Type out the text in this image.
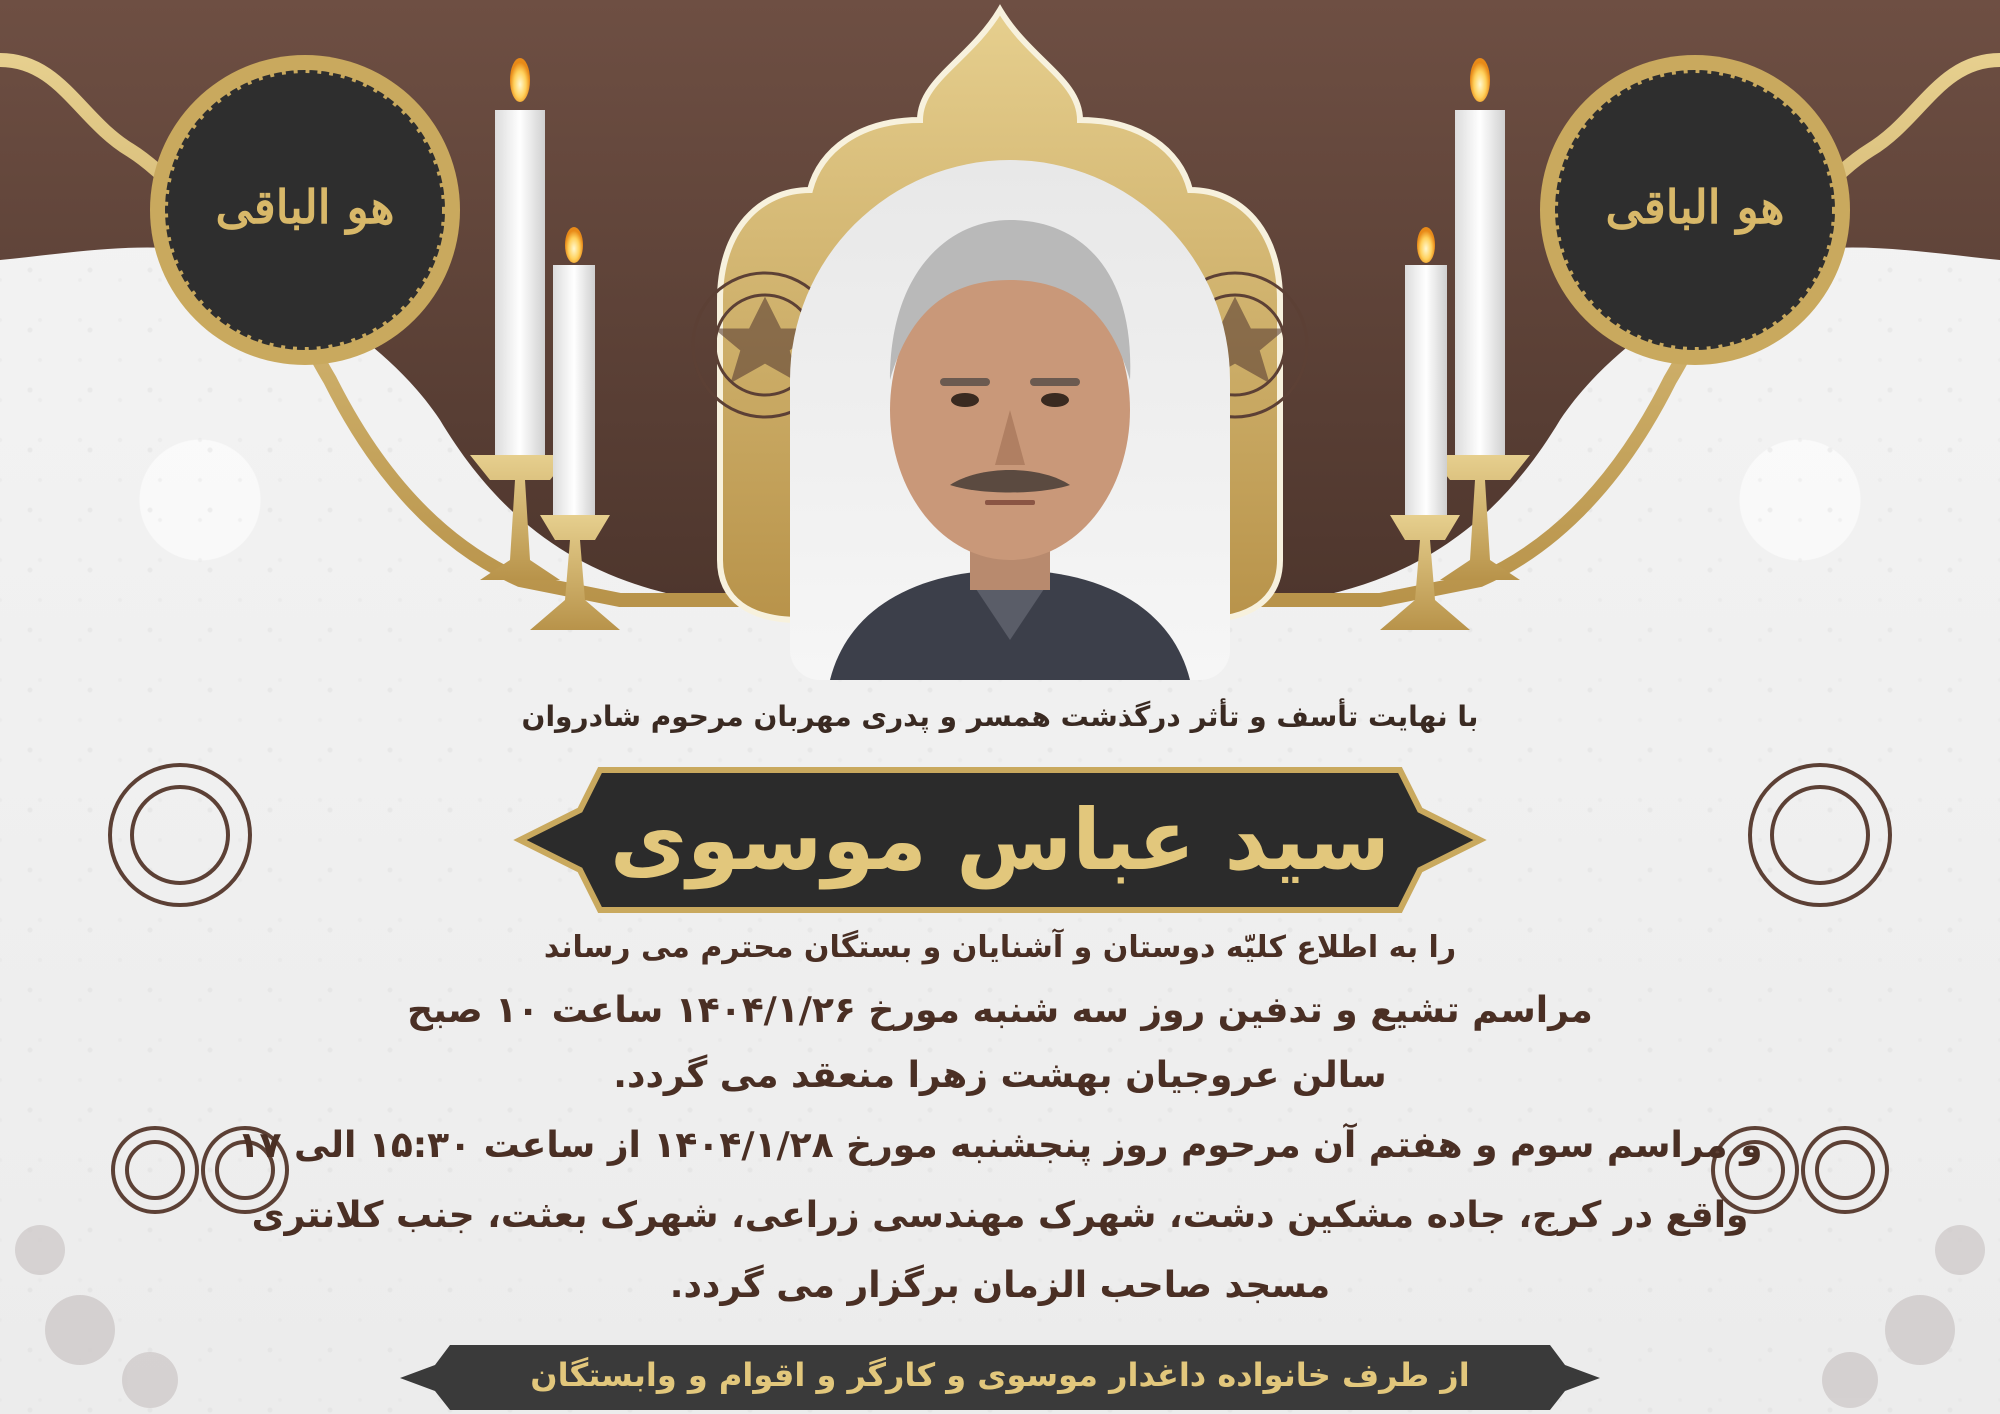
هو الباقی	هو الباقی
با نهایت تأسف و تأثر درگذشت همسر و پدری مهربان مرحوم شادروان
سید عباس موسوی
را به اطلاع کلیّه دوستان و آشنایان و بستگان محترم می رساند
مراسم تشیع و تدفین روز سه شنبه مورخ ۱۴۰۴/۱/۲۶ ساعت ۱۰ صبح
سالن عروجیان بهشت زهرا منعقد می گردد.
و مراسم سوم و هفتم آن مرحوم روز پنجشنبه مورخ ۱۴۰۴/۱/۲۸ از ساعت ۱۵:۳۰ الی ۱۷
واقع در کرج، جاده مشکین دشت، شهرک مهندسی زراعی، شهرک بعثت، جنب کلانتری
مسجد صاحب الزمان برگزار می گردد.
از طرف خانواده داغدار موسوی و کارگر و اقوام و وابستگان
